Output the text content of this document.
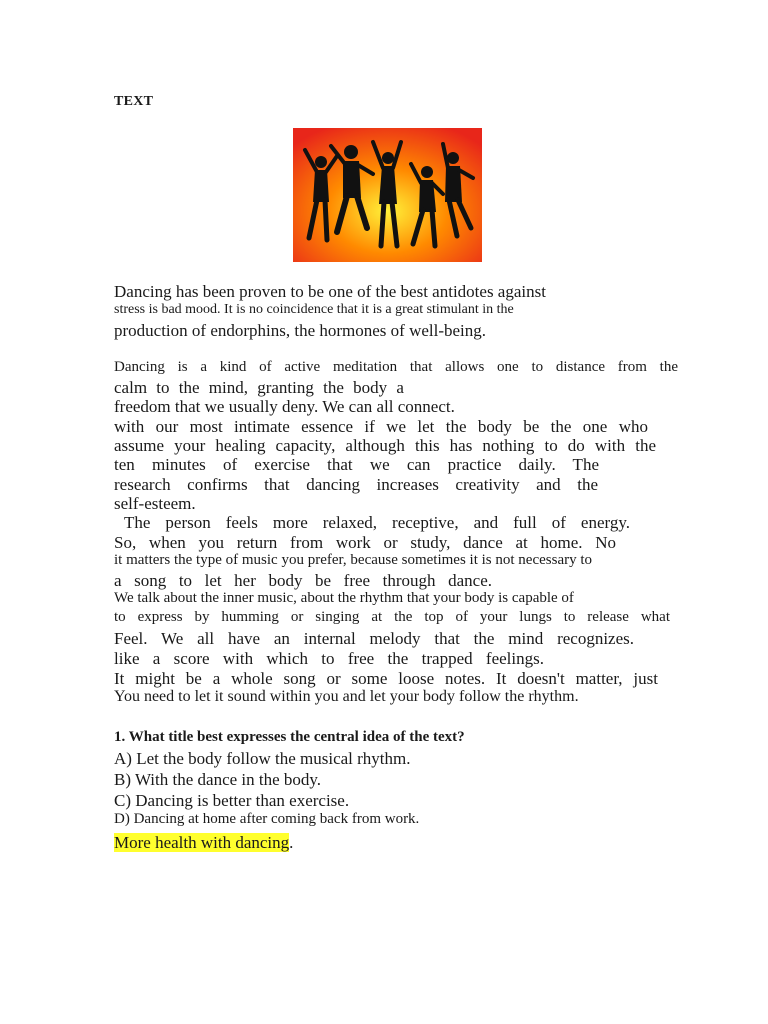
TEXT
Dancing has been proven to be one of the best antidotes against
stress is bad mood. It is no coincidence that it is a great stimulant in the
production of endorphins, the hormones of well-being.
Dancing is a kind of active meditation that allows one to distance from the
calm to the mind, granting the body a
freedom that we usually deny. We can all connect.
with our most intimate essence if we let the body be the one who
assume your healing capacity, although this has nothing to do with the
ten minutes of exercise that we can practice daily. The
research confirms that dancing increases creativity and the
self-esteem.
The person feels more relaxed, receptive, and full of energy.
So, when you return from work or study, dance at home. No
it matters the type of music you prefer, because sometimes it is not necessary to
a song to let her body be free through dance.
We talk about the inner music, about the rhythm that your body is capable of
to express by humming or singing at the top of your lungs to release what
Feel. We all have an internal melody that the mind recognizes.
like a score with which to free the trapped feelings.
It might be a whole song or some loose notes. It doesn't matter, just
You need to let it sound within you and let your body follow the rhythm.
1. What title best expresses the central idea of the text?
A) Let the body follow the musical rhythm.
B) With the dance in the body.
C) Dancing is better than exercise.
D) Dancing at home after coming back from work.
More health with dancing.
